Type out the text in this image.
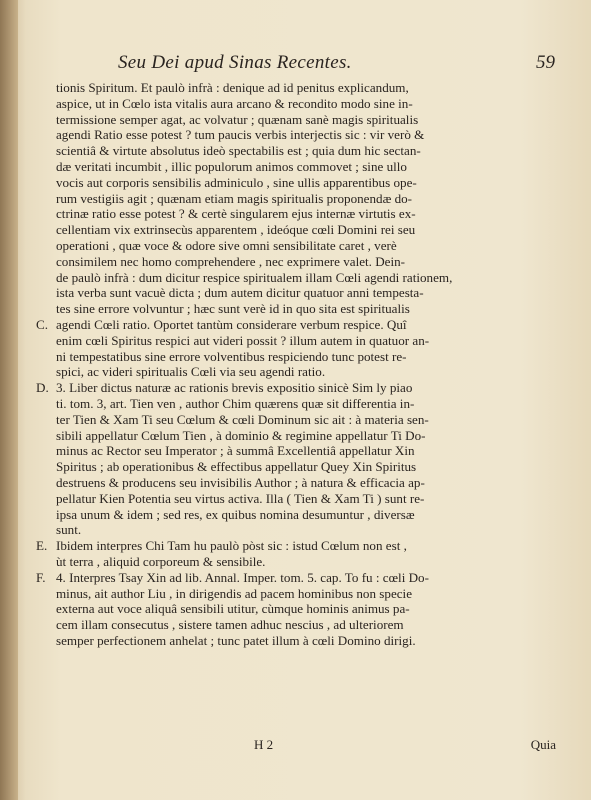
Seu Dei apud Sinas Recentes.	59
tionis Spiritum. Et paulò infrà : denique ad id penitus explicandum,
aspice, ut in Cœlo ista vitalis aura arcano & recondito modo sine in-
termissione semper agat, ac volvatur ; quænam sanè magis spiritualis
agendi Ratio esse potest ? tum paucis verbis interjectis sic : vir verò &
scientiâ & virtute absolutus ideò spectabilis est ; quia dum hic sectan-
dæ veritati incumbit , illic populorum animos commovet ; sine ullo
vocis aut corporis sensibilis adminiculo , sine ullis apparentibus ope-
rum vestigiis agit ; quænam etiam magis spiritualis proponendæ do-
ctrinæ ratio esse potest ? & certè singularem ejus internæ virtutis ex-
cellentiam vix extrinsecùs apparentem , ideóque cœli Domini rei seu
operationi , quæ voce & odore sive omni sensibilitate caret , verè
consimilem nec homo comprehendere , nec exprimere valet. Dein-
de paulò infrà : dum dicitur respice spiritualem illam Cœli agendi rationem,
ista verba sunt vacuè dicta ; dum autem dicitur quatuor anni tempesta-
tes sine errore volvuntur ; hæc sunt verè id in quo sita est spiritualis
C. agendi Cœli ratio. Oportet tantùm considerare verbum respice. Quî
enim cœli Spiritus respici aut videri possit ? illum autem in quatuor an-
ni tempestatibus sine errore volventibus respiciendo tunc potest re-
spici, ac videri spiritualis Cœli via seu agendi ratio.
D. 3. Liber dictus naturæ ac rationis brevis expositio sinicè Sim ly piao
ti. tom. 3, art. Tien ven , author Chim quærens quæ sit differentia in-
ter Tien & Xam Ti seu Cœlum & cœli Dominum sic ait : à materia sen-
sibili appellatur Cœlum Tien , à dominio & regimine appellatur Ti Do-
minus ac Rector seu Imperator ; à summâ Excellentiâ appellatur Xin
Spiritus ; ab operationibus & effectibus appellatur Quey Xin Spiritus
destruens & producens seu invisibilis Author ; à natura & efficacia ap-
pellatur Kien Potentia seu virtus activa. Illa ( Tien & Xam Ti ) sunt re-
ipsa unum & idem ; sed res, ex quibus nomina desumuntur , diversæ
sunt.
E. Ibidem interpres Chi Tam hu paulò pòst sic : istud Cœlum non est ,
ùt terra , aliquid corporeum & sensibile.
F. 4. Interpres Tsay Xin ad lib. Annal. Imper. tom. 5. cap. To fu : cœli Do-
minus, ait author Liu , in dirigendis ad pacem hominibus non specie
externa aut voce aliquâ sensibili utitur, cùmque hominis animus pa-
cem illam consecutus , sistere tamen adhuc nescius , ad ulteriorem
semper perfectionem anhelat ; tunc patet illum à cœli Domino dirigi.
H 2	Quia
